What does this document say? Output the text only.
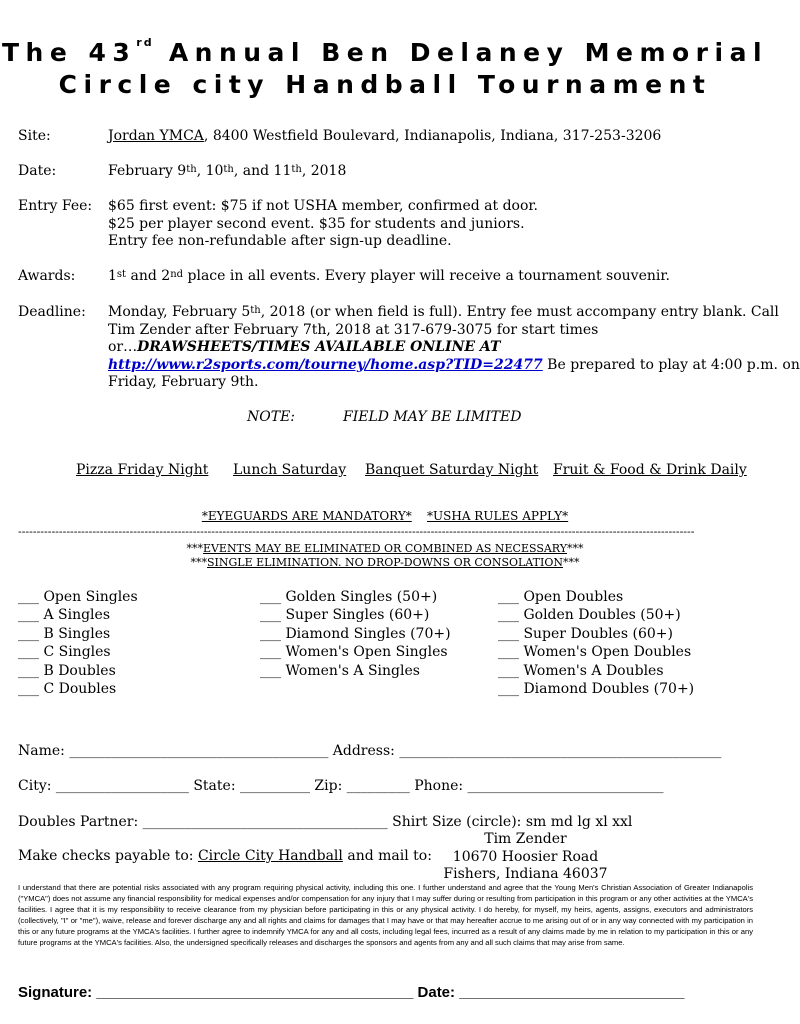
The 43rd Annual Ben Delaney Memorial
Circle city Handball Tournament
Site:	Jordan YMCA, 8400 Westfield Boulevard, Indianapolis, Indiana, 317-253-3206
Date:	February 9th, 10th, and 11th, 2018
Entry Fee: $65 first event: $75 if not USHA member, confirmed at door.
$25 per player second event. $35 for students and juniors.
Entry fee non-refundable after sign-up deadline.
Awards: 1st and 2nd place in all events. Every player will receive a tournament souvenir.
Deadline: Monday, February 5th, 2018 (or when field is full). Entry fee must accompany entry blank. Call
Tim Zender after February 7th, 2018 at 317-679-3075 for start times
or…DRAWSHEETS/TIMES AVAILABLE ONLINE AT
http://www.r2sports.com/tourney/home.asp?TID=22477 Be prepared to play at 4:00 p.m. on
Friday, February 9th.
NOTE:	FIELD MAY BE LIMITED
Pizza Friday Night Lunch Saturday Banquet Saturday Night Fruit & Food & Drink Daily
*EYEGUARDS ARE MANDATORY* *USHA RULES APPLY*
--------------------------------------------------------------------------------------------------------------------------------------------------------------------------------------
***EVENTS MAY BE ELIMINATED OR COMBINED AS NECESSARY***
***SINGLE ELIMINATION. NO DROP-DOWNS OR CONSOLATION***
___ Open Singles
___ A Singles
___ B Singles
___ C Singles
___ B Doubles
___ C Doubles
___ Golden Singles (50+)
___ Super Singles (60+)
___ Diamond Singles (70+)
___ Women's Open Singles
___ Women's A Singles
___ Open Doubles
___ Golden Doubles (50+)
___ Super Doubles (60+)
___ Women's Open Doubles
___ Women's A Doubles
___ Diamond Doubles (70+)
Name: _____________________________________ Address: ______________________________________________
City: ___________________ State: __________ Zip: _________ Phone: ____________________________
Doubles Partner: ___________________________________ Shirt Size (circle): sm md lg xl xxl
Make checks payable to: Circle City Handball and mail to:
Tim Zender
10670 Hoosier Road
Fishers, Indiana 46037
I understand that there are potential risks associated with any program requiring physical activity, including this one. I further understand and agree that the Young Men's Christian Association of Greater Indianapolis ("YMCA") does not assume any financial responsibility for medical expenses and/or compensation for any injury that I may suffer during or resulting from participation in this program or any other activities at the YMCA's facilities. I agree that it is my responsibility to receive clearance from my physician before participating in this or any physical activity. I do hereby, for myself, my heirs, agents, assigns, executors and administrators (collectively, "I" or "me"), waive, release and forever discharge any and all rights and claims for damages that I may have or that may hereafter accrue to me arising out of or in any way connected with my participation in this or any future programs at the YMCA's facilities. I further agree to indemnify YMCA for any and all costs, including legal fees, incurred as a result of any claims made by me in relation to my participation in this or any future programs at the YMCA's facilities. Also, the undersigned specifically releases and discharges the sponsors and agents from any and all such claims that may arise from same.
Signature: ______________________________________ Date: ___________________________
